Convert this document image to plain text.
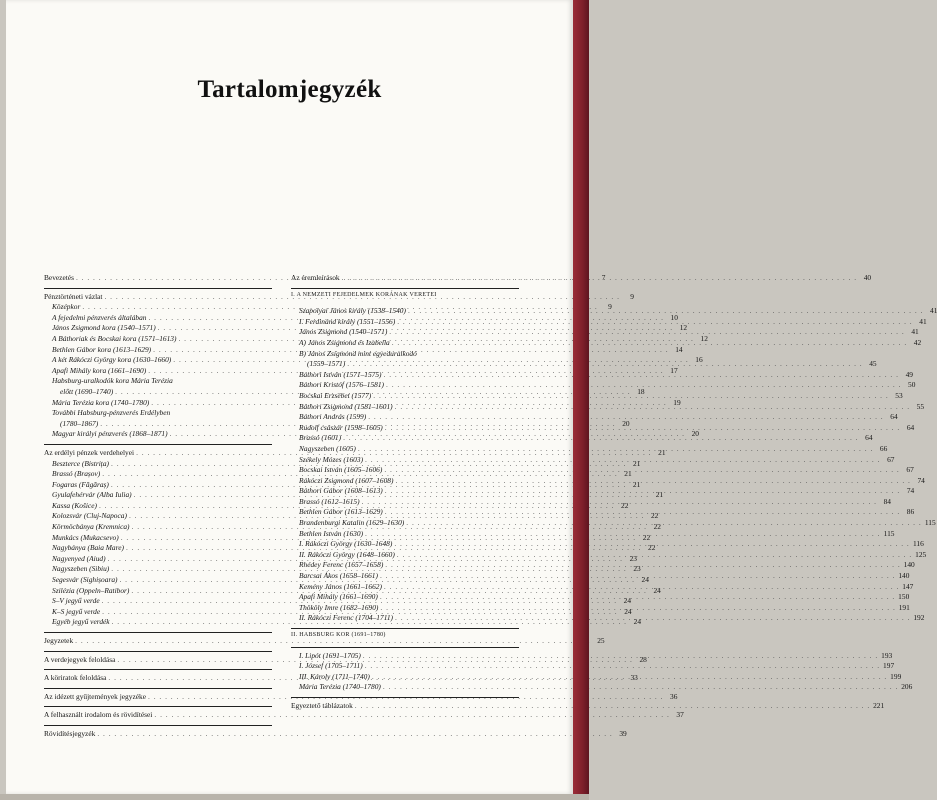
Tartalomjegyzék
Bevezetés . . .	7
Pénztörténeti vázlat . . .	9
Középkor . . .	9
A fejedelmi pénzverés általában . . .	10
János Zsigmond kora (1540–1571) . . .	12
A Báthoriak és Bocskai kora (1571–1613) . . .	12
Bethlen Gábor kora (1613–1629) . . .	14
A két Rákóczi György kora (1630–1660) . . .	16
Apafi Mihály kora (1661–1690) . . .	17
Habsburg-uralkodók kora Mária Terézia
előtt (1690–1740) . . .	18
Mária Terézia kora (1740–1780) . . .	19
További Habsburg-pénzverés Erdélyben
(1780–1867) . . .	20
Magyar királyi pénzverés (1868–1871) . . .	20
Az erdélyi pénzek verdehelyei . . .	21
Beszterce (Bistrița) . . .	21
Brassó (Brașov) . . .	21
Fogaras (Făgăraș) . . .	21
Gyulafehérvár (Alba Iulia) . . .	21
Kassa (Košice) . . .	22
Kolozsvár (Cluj-Napoca) . . .	22
Körmöcbánya (Kremnica) . . .	22
Munkács (Mukacsevo) . . .	22
Nagybánya (Baia Mare) . . .	22
Nagyenyed (Aiud) . . .	23
Nagyszeben (Sibiu) . . .	23
Segesvár (Sighișoara) . . .	24
Szilézia (Oppeln–Ratibor) . . .	24
S–V jegyű verde . . .	24
K–S jegyű verde . . .	24
Egyéb jegyű verdék . . .	24
Jegyzetek . . .	25
A verdejegyek feloldása . . .	28
A köriratok feloldása . . .	33
Az idézett gyűjtemények jegyzéke . . .	36
A felhasznált irodalom és rövidítései . . .	37
Rövidítésjegyzék . . .	39
Az éremleírások . . .	40
I. A NEMZETI FEJEDELMEK KORÁNAK VERETEI
Szapolyai János király (1538–1540) . . .	41
I. Ferdinánd király (1551–1556) . . .	41
János Zsigmond (1540–1571) . . .	41
A) János Zsigmond és Izabella . . .	42
B) János Zsigmond mint egyeduralkodó
(1559–1571) . . .	45
Báthori István (1571–1575) . . .	49
Báthori Kristóf (1576–1581) . . .	50
Bocskai Erzsébet (1577) . . .	53
Báthori Zsigmond (1581–1601) . . .	55
Báthori András (1599) . . .	64
Rudolf császár (1598–1605) . . .	64
Brassó (1601) . . .	64
Nagyszeben (1605) . . .	66
Székely Mózes (1603) . . .	67
Bocskai István (1605–1606) . . .	67
Rákóczi Zsigmond (1607–1608) . . .	74
Báthori Gábor (1608–1613) . . .	74
Brassó (1612–1615) . . .	84
Bethlen Gábor (1613–1629) . . .	86
Brandenburgi Katalin (1629–1630) . . .	115
Bethlen István (1630) . . .	115
I. Rákóczi György (1630–1648) . . .	116
II. Rákóczi György (1648–1660) . . .	125
Rhédey Ferenc (1657–1658) . . .	140
Barcsai Ákos (1658–1661) . . .	140
Kemény János (1661–1662) . . .	147
Apafi Mihály (1661–1690) . . .	150
Thököly Imre (1682–1690) . . .	191
II. Rákóczi Ferenc (1704–1711) . . .	192
II. HABSBURG KOR (1691–1780)
I. Lipót (1691–1705) . . .	193
I. József (1705–1711) . . .	197
III. Károly (1711–1740) . . .	199
Mária Terézia (1740–1780) . . .	206
Egyeztető táblázatok . . .	221
